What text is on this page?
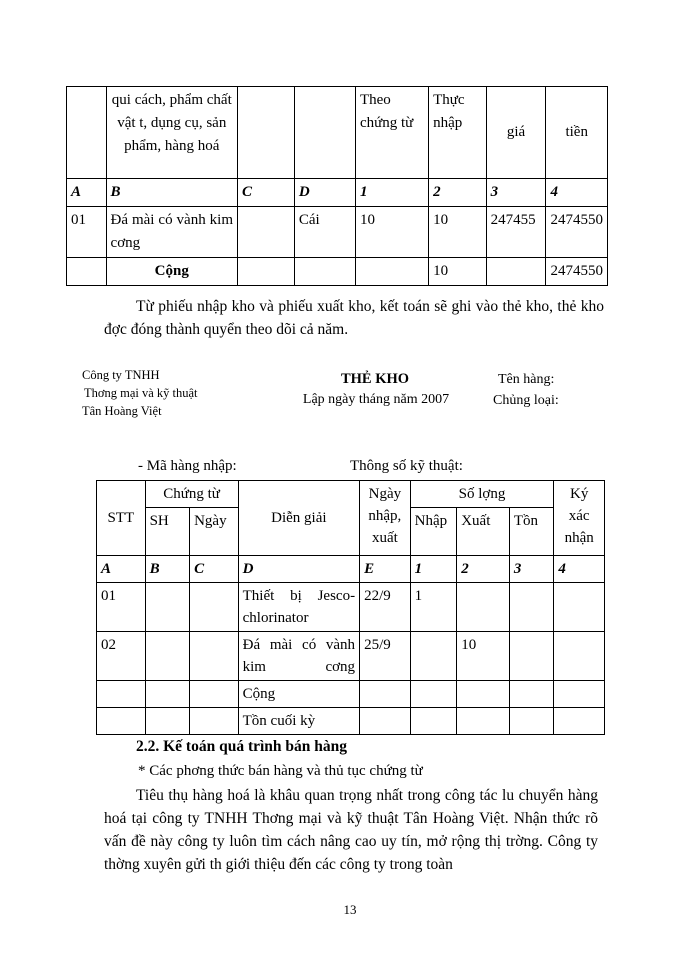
	qui cách, phẩm chất vật t, dụng cụ, sản phẩm, hàng hoá			Theo chứng từ	Thực nhập	giá	tiền
A	B	C	D	1	2	3	4
01	Đá mài có vành kim cơng		Cái	10	10	247455	2474550
	Cộng				10		2474550
Từ phiếu nhập kho và phiếu xuất kho, kết toán sẽ ghi vào thẻ kho, thẻ kho đợc đóng thành quyển theo dõi cả năm.
Công ty TNHH
Thơng mại và kỹ thuật
Tân Hoàng Việt
THẺ KHO
Lập ngày tháng năm 2007
Tên hàng:
Chủng loại:
- Mã hàng nhập:	Thông số kỹ thuật:
STT	Chứng từ		Diễn giải	Ngày nhập, xuất	Số lợng			Ký xác nhận
	SH	Ngày			Nhập	Xuất	Tồn	
A	B	C	D	E	1	2	3	4
01			Thiết bị Jesco-chlorinator	22/9	1			
02			Đá mài có vành kim cơng	25/9		10		
			Cộng					
			Tồn cuối kỳ					
2.2. Kế toán quá trình bán hàng
* Các phơng thức bán hàng và thủ tục chứng từ
Tiêu thụ hàng hoá là khâu quan trọng nhất trong công tác lu chuyển hàng hoá tại công ty TNHH Thơng mại và kỹ thuật Tân Hoàng Việt. Nhận thức rõ vấn đề này công ty luôn tìm cách nâng cao uy tín, mở rộng thị trờng. Công ty thờng xuyên gửi th giới thiệu đến các công ty trong toàn
13
